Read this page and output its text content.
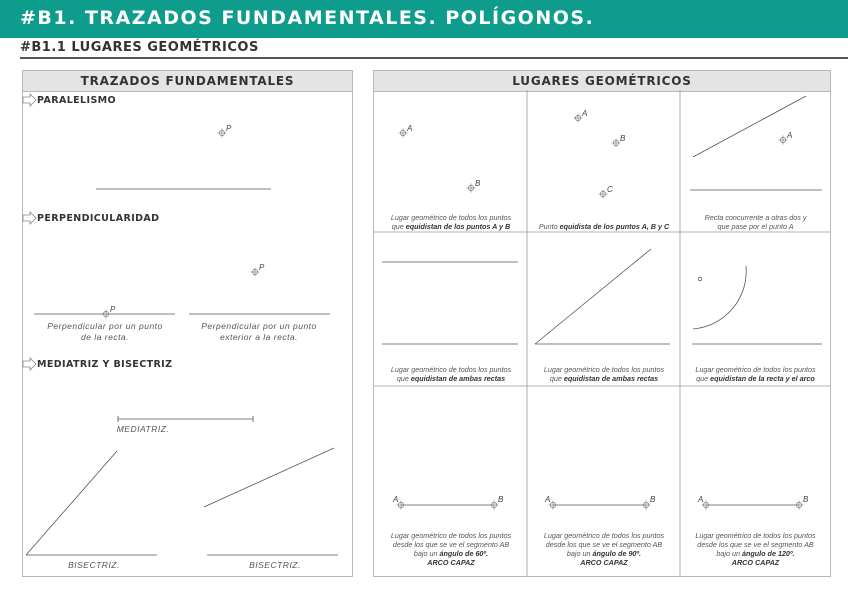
#B1. TRAZADOS FUNDAMENTALES. POLÍGONOS.
#B1.1 LUGARES GEOMÉTRICOS
TRAZADOS FUNDAMENTALES	LUGARES GEOMÉTRICOS
P
P
P
A
B
A
B
C
A
A	B	A	B	A	B
PARALELISMO
PERPENDICULARIDAD
MEDIATRIZ Y BISECTRIZ
Perpendicular por un punto
de la recta.
Perpendicular por un punto
exterior a la recta.
MEDIATRIZ.
BISECTRIZ.	BISECTRIZ.
Lugar geométrico de todos los puntos
que equidistan de los puntos A y B	Punto equidista de los puntos A, B y C
Recta concurrente a otras dos y
que pase por el punto A
Lugar geométrico de todos los puntos
que equidistan de ambas rectas
Lugar geométrico de todos los puntos
que equidistan de ambas rectas
Lugar geométrico de todos los puntos
que equidistan de la recta y el arco
Lugar geométrico de todos los puntos
desde los que se ve el segmento AB
bajo un ángulo de 60º.
ARCO CAPAZ
Lugar geométrico de todos los puntos
desde los que se ve el segmento AB
bajo un ángulo de 90º.
ARCO CAPAZ
Lugar geométrico de todos los puntos
desde los que se ve el segmento AB
bajo un ángulo de 120º.
ARCO CAPAZ
